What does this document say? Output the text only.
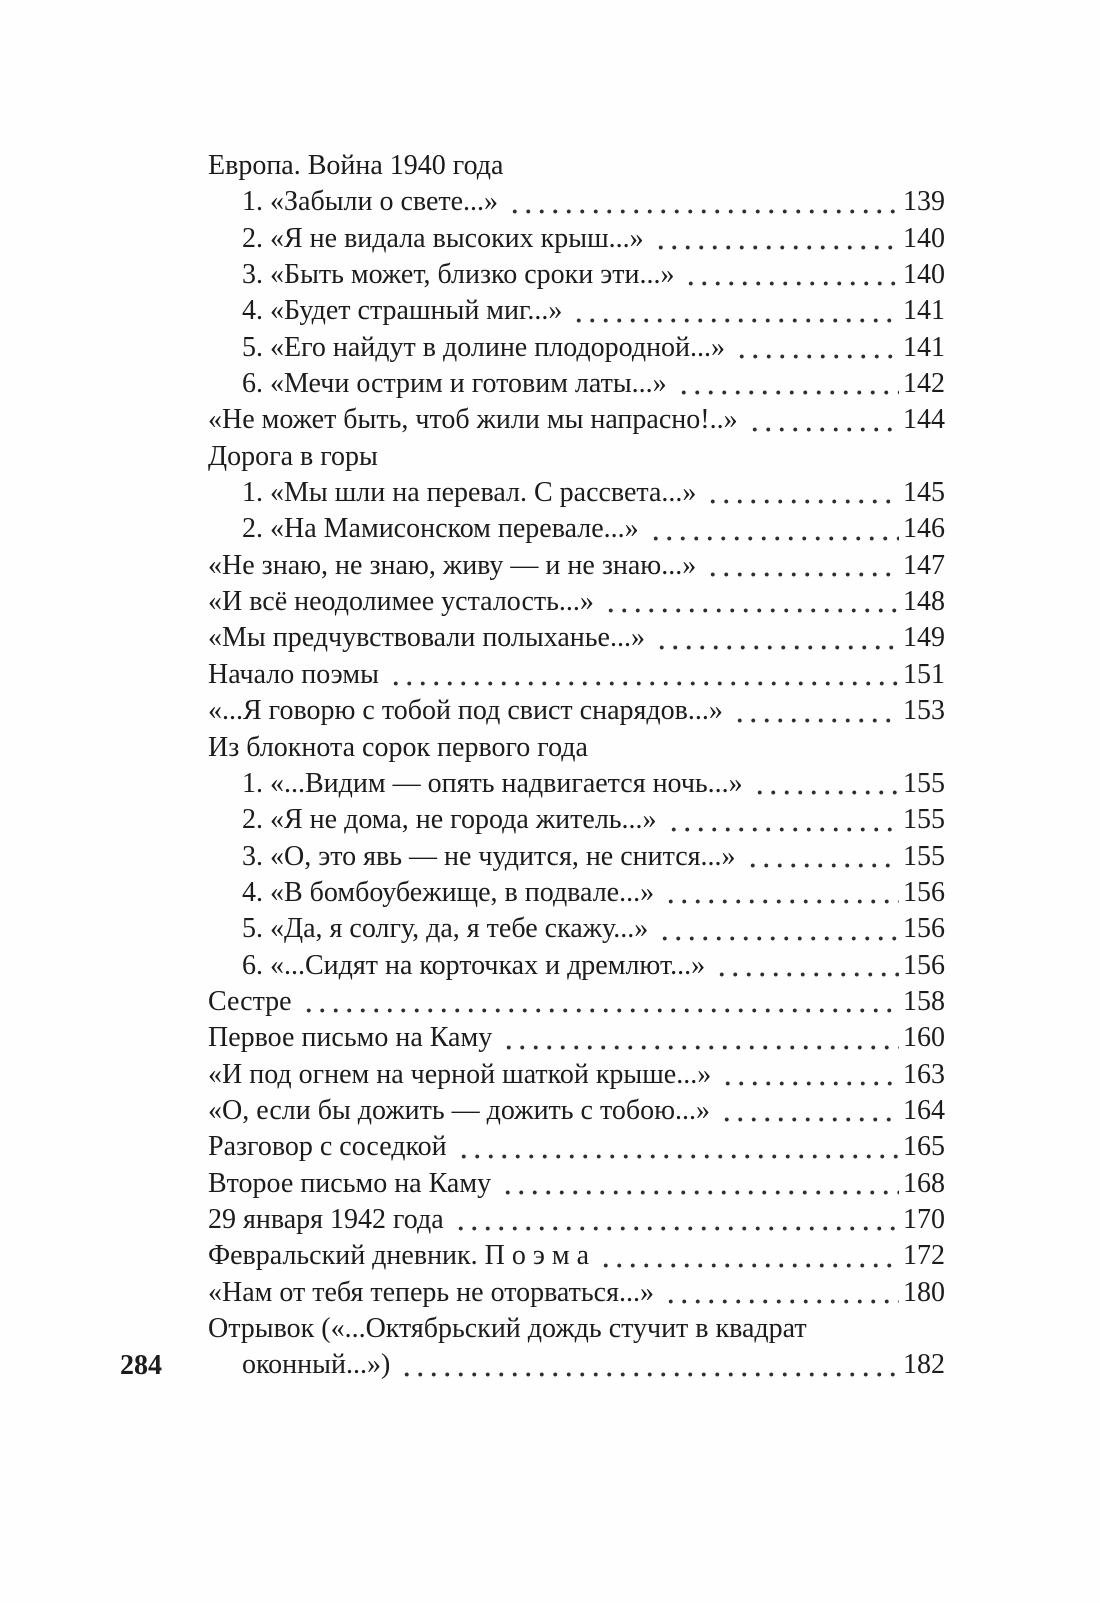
284
Европа. Война 1940 года
1. «Забыли о свете...»	139
2. «Я не видала высоких крыш...»	140
3. «Быть может, близко сроки эти...»	140
4. «Будет страшный миг...»	141
5. «Его найдут в долине плодородной...»	141
6. «Мечи острим и готовим латы...»	142
«Не может быть, чтоб жили мы напрасно!..»	144
Дорога в горы
1. «Мы шли на перевал. С рассвета...»	145
2. «На Мамисонском перевале...»	146
«Не знаю, не знаю, живу — и не знаю...»	147
«И всё неодолимее усталость...»	148
«Мы предчувствовали полыханье...»	149
Начало поэмы	151
«...Я говорю с тобой под свист снарядов...»	153
Из блокнота сорок первого года
1. «...Видим — опять надвигается ночь...»	155
2. «Я не дома, не города житель...»	155
3. «О, это явь — не чудится, не снится...»	155
4. «В бомбоубежище, в подвале...»	156
5. «Да, я солгу, да, я тебе скажу...»	156
6. «...Сидят на корточках и дремлют...»	156
Сестре	158
Первое письмо на Каму	160
«И под огнем на черной шаткой крыше...»	163
«О, если бы дожить — дожить с тобою...»	164
Разговор с соседкой	165
Второе письмо на Каму	168
29 января 1942 года	170
Февральский дневник. П о э м а	172
«Нам от тебя теперь не оторваться...»	180
Отрывок («...Октябрьский дождь стучит в квадрат
оконный...»)	182
